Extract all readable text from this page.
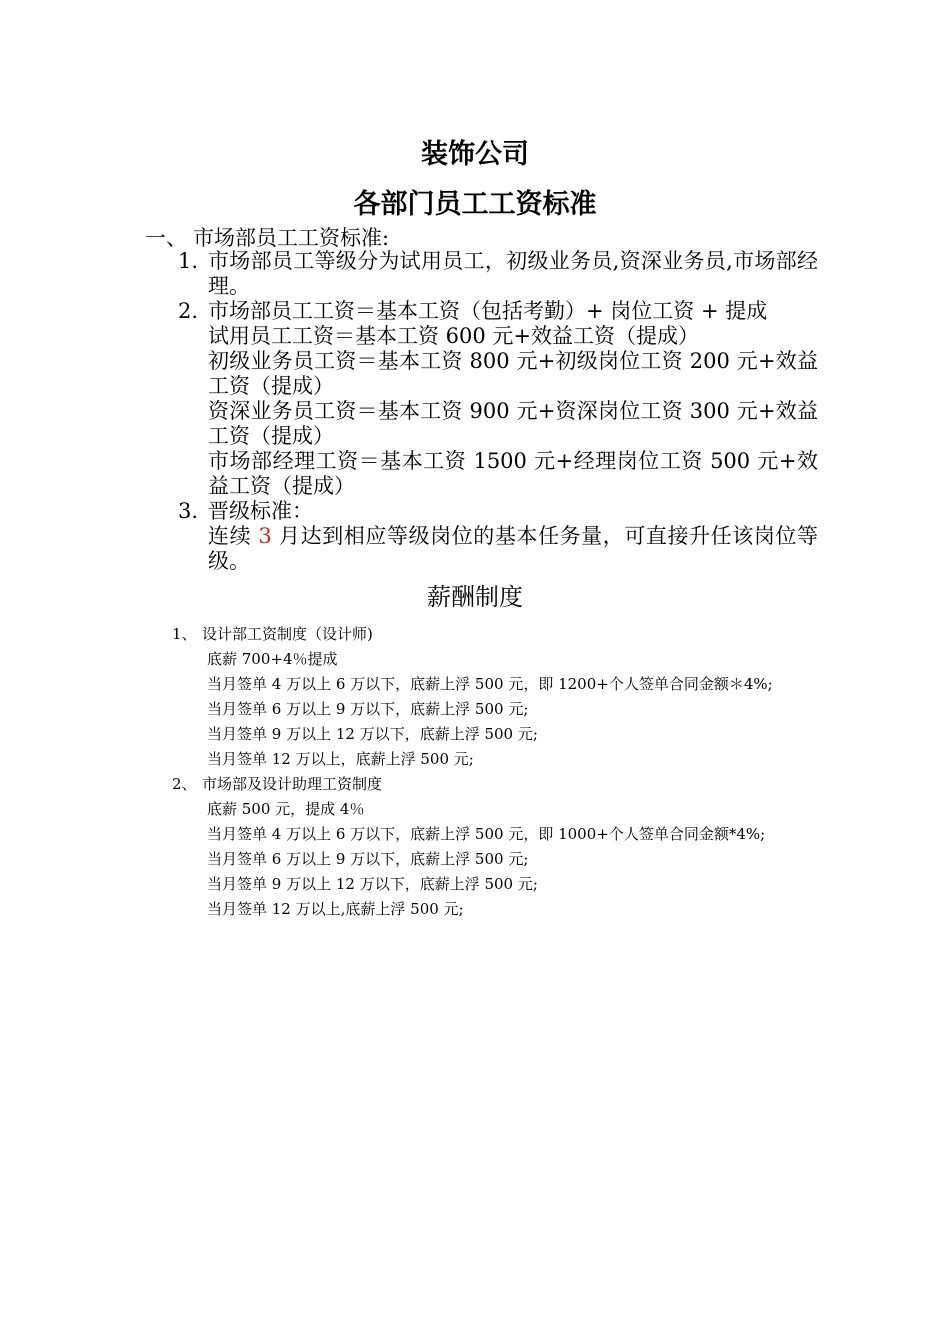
装饰公司
各部门员工工资标准
一、 市场部员工工资标准:
1. 市场部员工等级分为试用员工，初级业务员,资深业务员,市场部经理。
2. 市场部员工工资＝基本工资（包括考勤）+ 岗位工资 + 提成
试用员工工资＝基本工资 600 元+效益工资（提成）
初级业务员工资＝基本工资 800 元+初级岗位工资 200 元+效益工资（提成）
资深业务员工资＝基本工资 900 元+资深岗位工资 300 元+效益工资（提成）
市场部经理工资＝基本工资 1500 元+经理岗位工资 500 元+效益工资（提成）
3. 晋级标准：
连续 3 月达到相应等级岗位的基本任务量，可直接升任该岗位等级。
薪酬制度
1、 设计部工资制度（设计师)
底薪 700+4％提成
当月签单 4 万以上 6 万以下，底薪上浮 500 元，即 1200+个人签单合同金额＊4%;
当月签单 6 万以上 9 万以下，底薪上浮 500 元;
当月签单 9 万以上 12 万以下，底薪上浮 500 元;
当月签单 12 万以上，底薪上浮 500 元;
2、 市场部及设计助理工资制度
底薪 500 元，提成 4％
当月签单 4 万以上 6 万以下，底薪上浮 500 元，即 1000+个人签单合同金额*4%;
当月签单 6 万以上 9 万以下，底薪上浮 500 元;
当月签单 9 万以上 12 万以下，底薪上浮 500 元;
当月签单 12 万以上,底薪上浮 500 元;
